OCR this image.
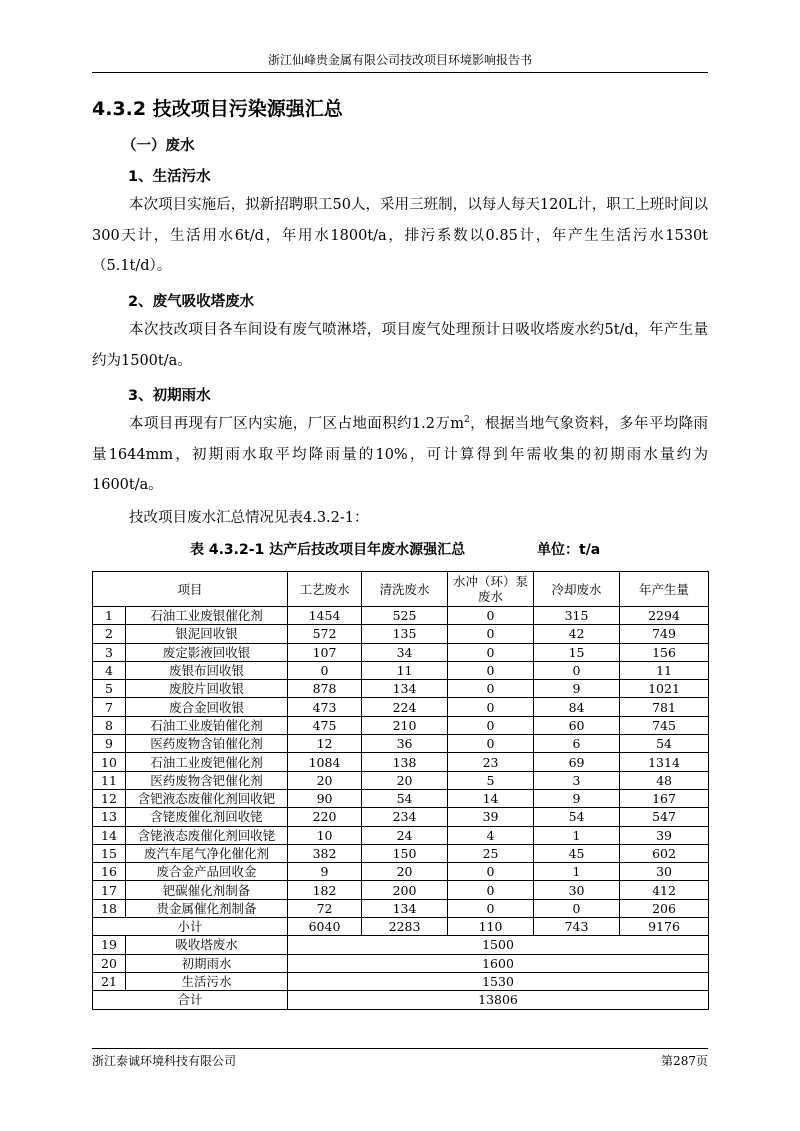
浙江仙峰贵金属有限公司技改项目环境影响报告书
4.3.2 技改项目污染源强汇总
（一）废水
1、生活污水

本次项目实施后，拟新招聘职工50人，采用三班制，以每人每天120L计，职工上班时间以300天计，生活用水6t/d，年用水1800t/a，排污系数以0.85计，年产生生活污水1530t（5.1t/d）。

2、废气吸收塔废水

本次技改项目各车间设有废气喷淋塔，项目废气处理预计日吸收塔废水约5t/d，年产生量约为1500t/a。

3、初期雨水

本项目再现有厂区内实施，厂区占地面积约1.2万$m^2$，根据当地气象资料，多年平均降雨量1644mm，初期雨水取平均降雨量的10%，可计算得到年需收集的初期雨水量约为1600t/a。

技改项目废水汇总情况见表4.3.2-1：

表 4.3.2-1 达产后技改项目年废水源强汇总	单位：t/a
项目		工艺废水	清洗废水	水冲（环）泵废水	冷却废水	年产生量
1	石油工业废银催化剂	1454	525	0	315	2294
2	银泥回收银	572	135	0	42	749
3	废定影液回收银	107	34	0	15	156
4	废银布回收银	0	11	0	0	11
5	废胶片回收银	878	134	0	9	1021
7	废合金回收银	473	224	0	84	781
8	石油工业废铂催化剂	475	210	0	60	745
9	医药废物含铂催化剂	12	36	0	6	54
10	石油工业废钯催化剂	1084	138	23	69	1314
11	医药废物含钯催化剂	20	20	5	3	48
12	含钯液态废催化剂回收钯	90	54	14	9	167
13	含铑废催化剂回收铑	220	234	39	54	547
14	含铑液态废催化剂回收铑	10	24	4	1	39
15	废汽车尾气净化催化剂	382	150	25	45	602
16	废合金产品回收金	9	20	0	1	30
17	钯碳催化剂制备	182	200	0	30	412
18	贵金属催化剂制备	72	134	0	0	206
小计		6040	2283	110	743	9176
19	吸收塔废水	1500				
20	初期雨水	1600				
21	生活污水	1530				
合计		13806				
浙江泰诚环境科技有限公司	第287页
